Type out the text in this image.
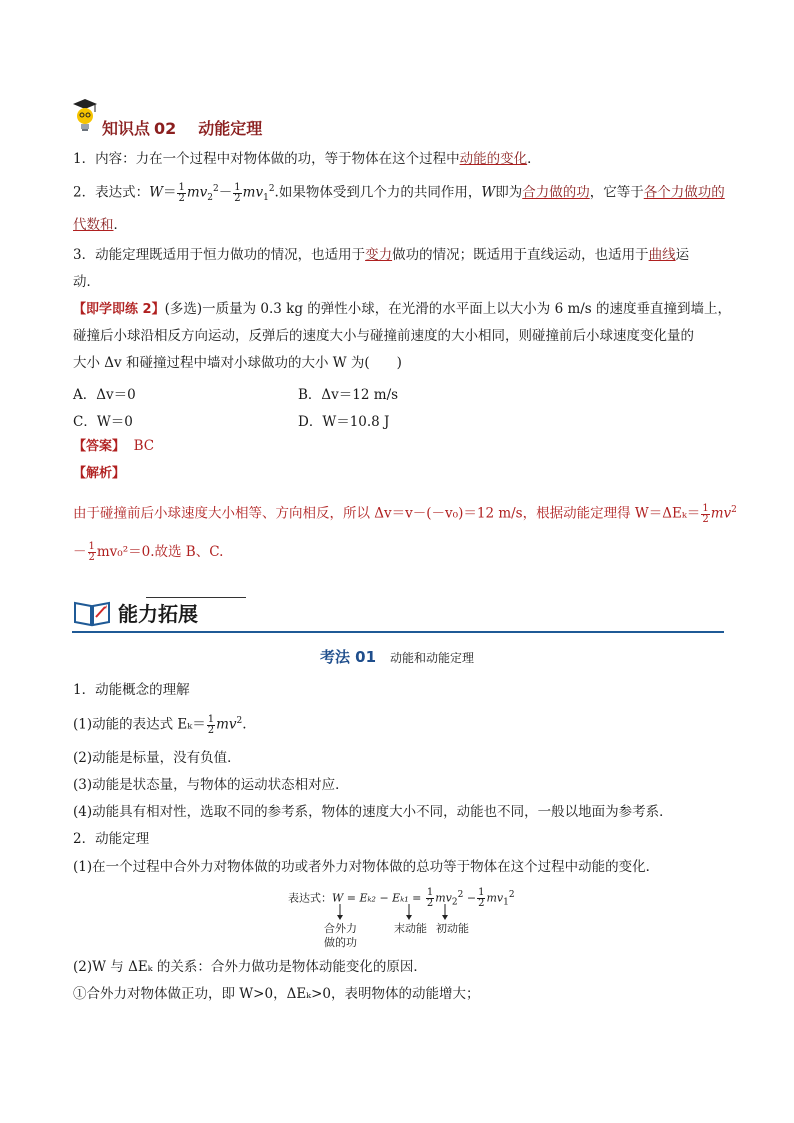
知识点 02 动能定理
1．内容：力在一个过程中对物体做的功，等于物体在这个过程中动能的变化．
2．表达式：$W= \frac{1}{2} mv_2^2- \frac{1}{2} mv_1^2$.如果物体受到几个力的共同作用，W即为合力做的功，它等于各个力做功的
代数和．
3．动能定理既适用于恒力做功的情况，也适用于变力做功的情况；既适用于直线运动，也适用于曲线运
动．
【即学即练 2】(多选)一质量为 0.3 kg 的弹性小球，在光滑的水平面上以大小为 6 m/s 的速度垂直撞到墙上，
碰撞后小球沿相反方向运动，反弹后的速度大小与碰撞前速度的大小相同，则碰撞前后小球速度变化量的
大小 Δv 和碰撞过程中墙对小球做功的大小 W 为(　　)
A．Δv＝0	B．Δv＝12 m/s
C．W＝0	D．W＝10.8 J
【答案】 BC
【解析】
由于碰撞前后小球速度大小相等、方向相反，所以 Δv＝v－(－v₀)＝12 m/s，根据动能定理得 $W=\Delta E_k= \frac{1}{2} mv^2$
－ $\frac{1}{2} mv_0^2=0$.故选 B、C.
能力拓展
考法 01 动能和动能定理
1．动能概念的理解
(1)动能的表达式 $E_k= \frac{1}{2} mv^2$.
(2)动能是标量，没有负值．
(3)动能是状态量，与物体的运动状态相对应．
(4)动能具有相对性，选取不同的参考系，物体的速度大小不同，动能也不同，一般以地面为参考系．
2．动能定理
(1)在一个过程中合外力对物体做的功或者外力对物体做的总功等于物体在这个过程中动能的变化．
表达式：$W = E_{k2} - E_{k1} = \frac{1}{2} mv_2^2 - \frac{1}{2} mv_1^2$
合外力
做的功
末动能 初动能
(2)W 与 ΔEₖ 的关系：合外力做功是物体动能变化的原因．
①合外力对物体做正功，即 W>0，ΔEₖ>0，表明物体的动能增大；
